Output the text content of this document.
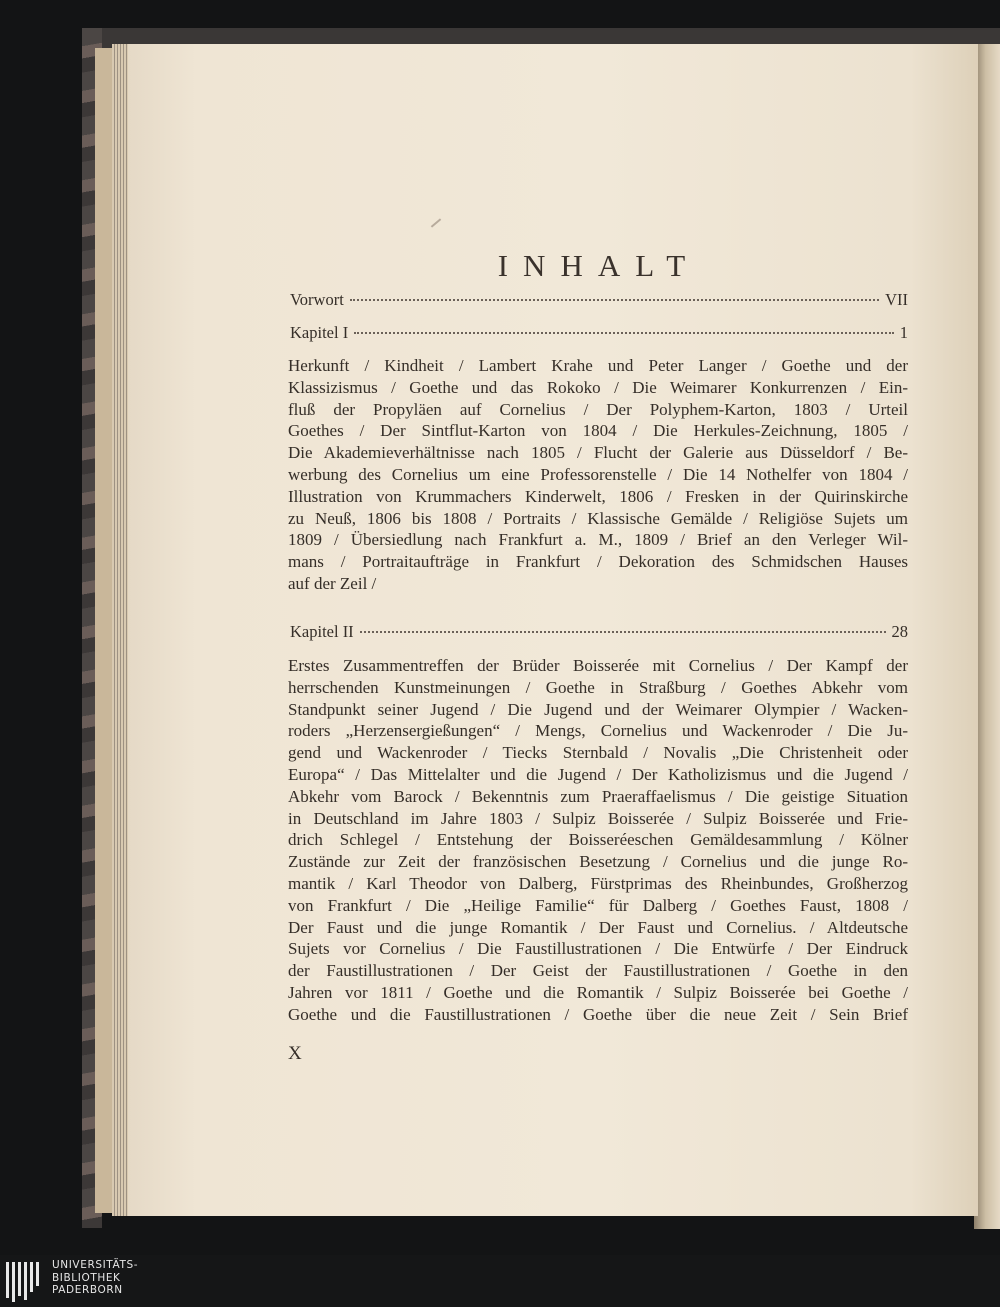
INHALT
Vorwort	VII
Kapitel I	1
Herkunft / Kindheit / Lambert Krahe und Peter Langer / Goethe und der
Klassizismus / Goethe und das Rokoko / Die Weimarer Konkurrenzen / Ein-
fluß der Propyläen auf Cornelius / Der Polyphem-Karton, 1803 / Urteil
Goethes / Der Sintflut-Karton von 1804 / Die Herkules-Zeichnung, 1805 /
Die Akademieverhältnisse nach 1805 / Flucht der Galerie aus Düsseldorf / Be-
werbung des Cornelius um eine Professorenstelle / Die 14 Nothelfer von 1804 /
Illustration von Krummachers Kinderwelt, 1806 / Fresken in der Quirinskirche
zu Neuß, 1806 bis 1808 / Portraits / Klassische Gemälde / Religiöse Sujets um
1809 / Übersiedlung nach Frankfurt a. M., 1809 / Brief an den Verleger Wil-
mans / Portraitaufträge in Frankfurt / Dekoration des Schmidschen Hauses
auf der Zeil /
Kapitel II	28
Erstes Zusammentreffen der Brüder Boisserée mit Cornelius / Der Kampf der
herrschenden Kunstmeinungen / Goethe in Straßburg / Goethes Abkehr vom
Standpunkt seiner Jugend / Die Jugend und der Weimarer Olympier / Wacken-
roders „Herzensergießungen“ / Mengs, Cornelius und Wackenroder / Die Ju-
gend und Wackenroder / Tiecks Sternbald / Novalis „Die Christenheit oder
Europa“ / Das Mittelalter und die Jugend / Der Katholizismus und die Jugend /
Abkehr vom Barock / Bekenntnis zum Praeraffaelismus / Die geistige Situation
in Deutschland im Jahre 1803 / Sulpiz Boisserée / Sulpiz Boisserée und Frie-
drich Schlegel / Entstehung der Boisseréeschen Gemäldesammlung / Kölner
Zustände zur Zeit der französischen Besetzung / Cornelius und die junge Ro-
mantik / Karl Theodor von Dalberg, Fürstprimas des Rheinbundes, Großherzog
von Frankfurt / Die „Heilige Familie“ für Dalberg / Goethes Faust, 1808 /
Der Faust und die junge Romantik / Der Faust und Cornelius. / Altdeutsche
Sujets vor Cornelius / Die Faustillustrationen / Die Entwürfe / Der Eindruck
der Faustillustrationen / Der Geist der Faustillustrationen / Goethe in den
Jahren vor 1811 / Goethe und die Romantik / Sulpiz Boisserée bei Goethe /
Goethe und die Faustillustrationen / Goethe über die neue Zeit / Sein Brief
X
UNIVERSITÄTS-
BIBLIOTHEK
PADERBORN
